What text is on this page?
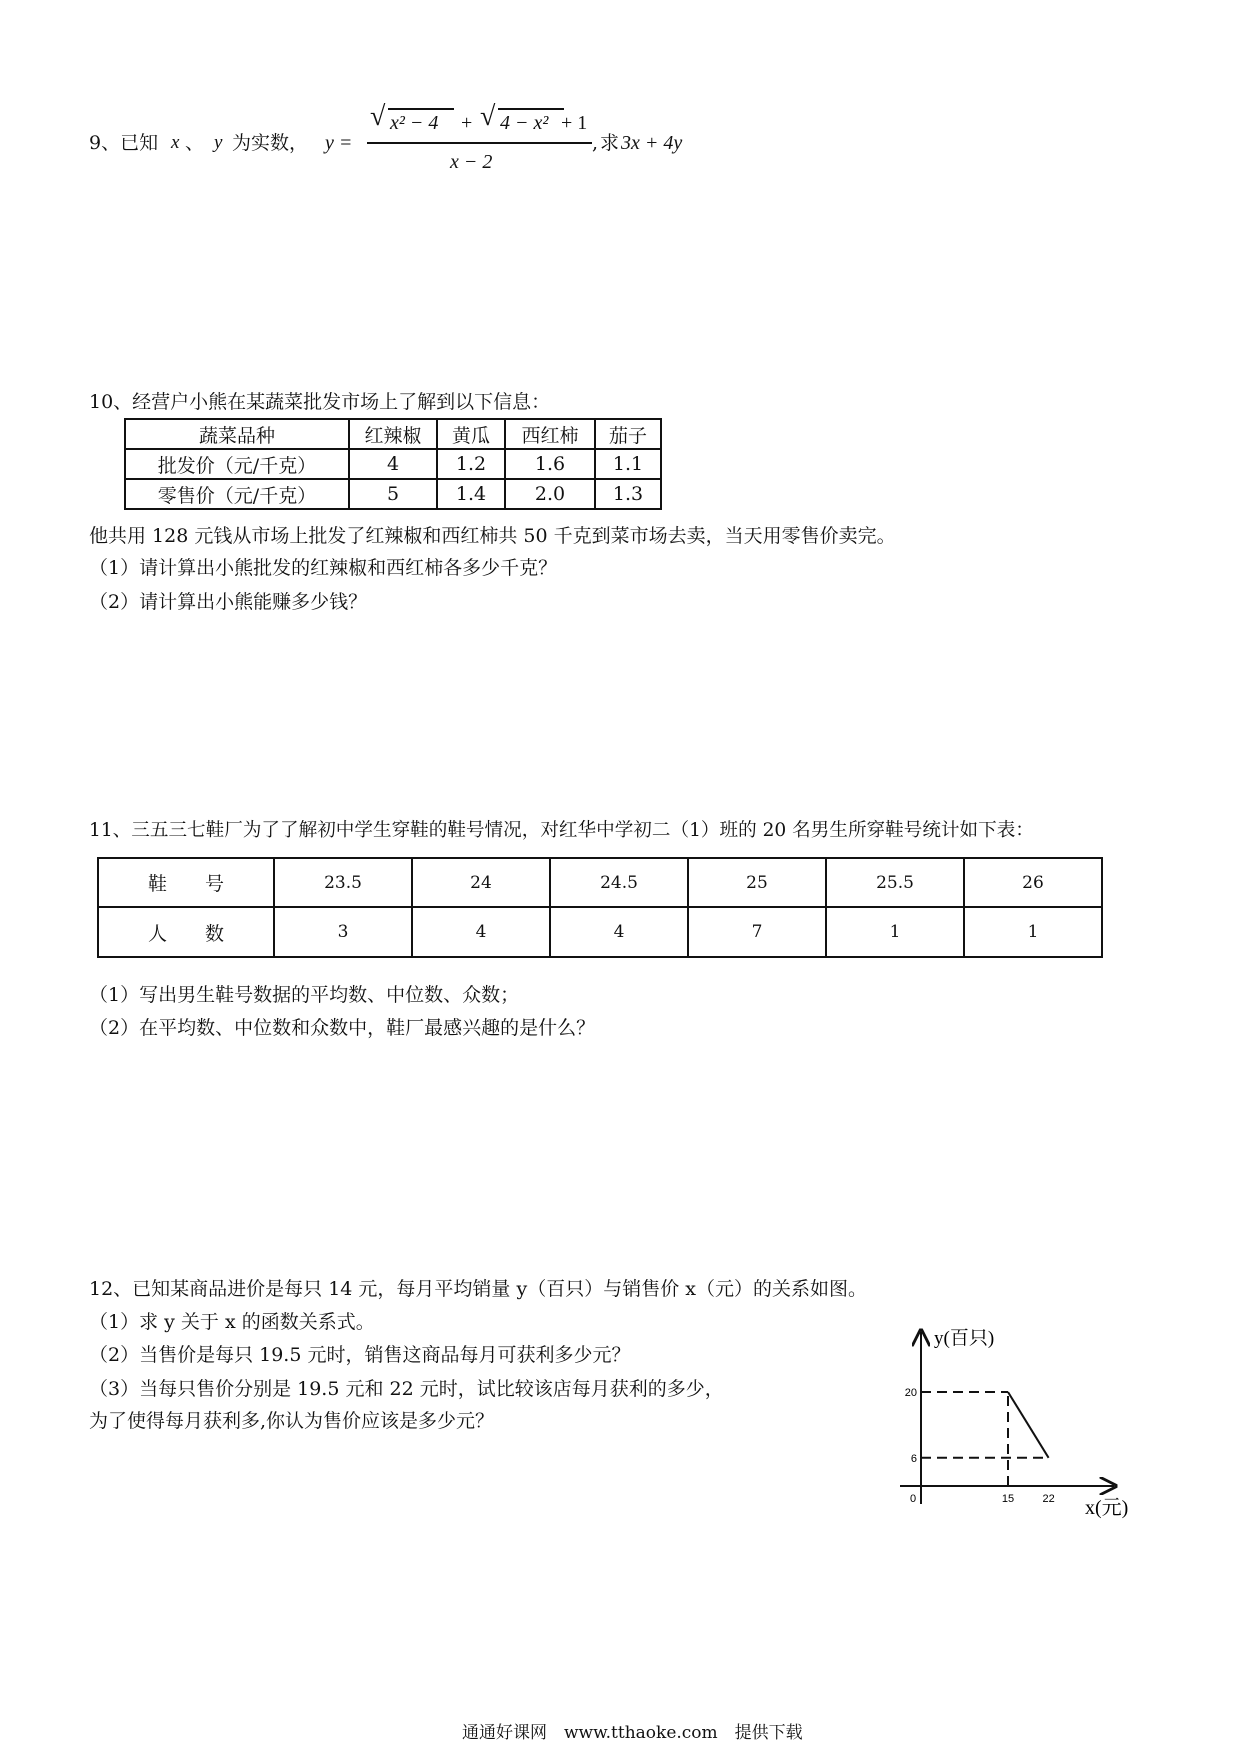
9、已知 x 、 y 为实数， y =
√ x² − 4 + √ 4 − x² + 1
x − 2
, 求 3x + 4y
10、经营户小熊在某蔬菜批发市场上了解到以下信息：
蔬菜品种	红辣椒	黄瓜	西红柿	茄子
批发价（元/千克）	4	1.2	1.6	1.1
零售价（元/千克）	5	1.4	2.0	1.3
他共用 128 元钱从市场上批发了红辣椒和西红柿共 50 千克到菜市场去卖，当天用零售价卖完。
（1）请计算出小熊批发的红辣椒和西红柿各多少千克？
（2）请计算出小熊能赚多少钱？
11、三五三七鞋厂为了了解初中学生穿鞋的鞋号情况，对红华中学初二（1）班的 20 名男生所穿鞋号统计如下表：
鞋　　号	23.5	24	24.5	25	25.5	26
人　　数	3	4	4	7	1	1
（1）写出男生鞋号数据的平均数、中位数、众数；
（2）在平均数、中位数和众数中，鞋厂最感兴趣的是什么？
12、已知某商品进价是每只 14 元，每月平均销量 y（百只）与销售价 x（元）的关系如图。
（1）求 y 关于 x 的函数关系式。
（2）当售价是每只 19.5 元时，销售这商品每月可获利多少元？
（3）当每只售价分别是 19.5 元和 22 元时，试比较该店每月获利的多少，
为了使得每月获利多,你认为售价应该是多少元？
0	15	22
20
6
y(百只)
x(元)
通通好课网　www.tthaoke.com　提供下载
